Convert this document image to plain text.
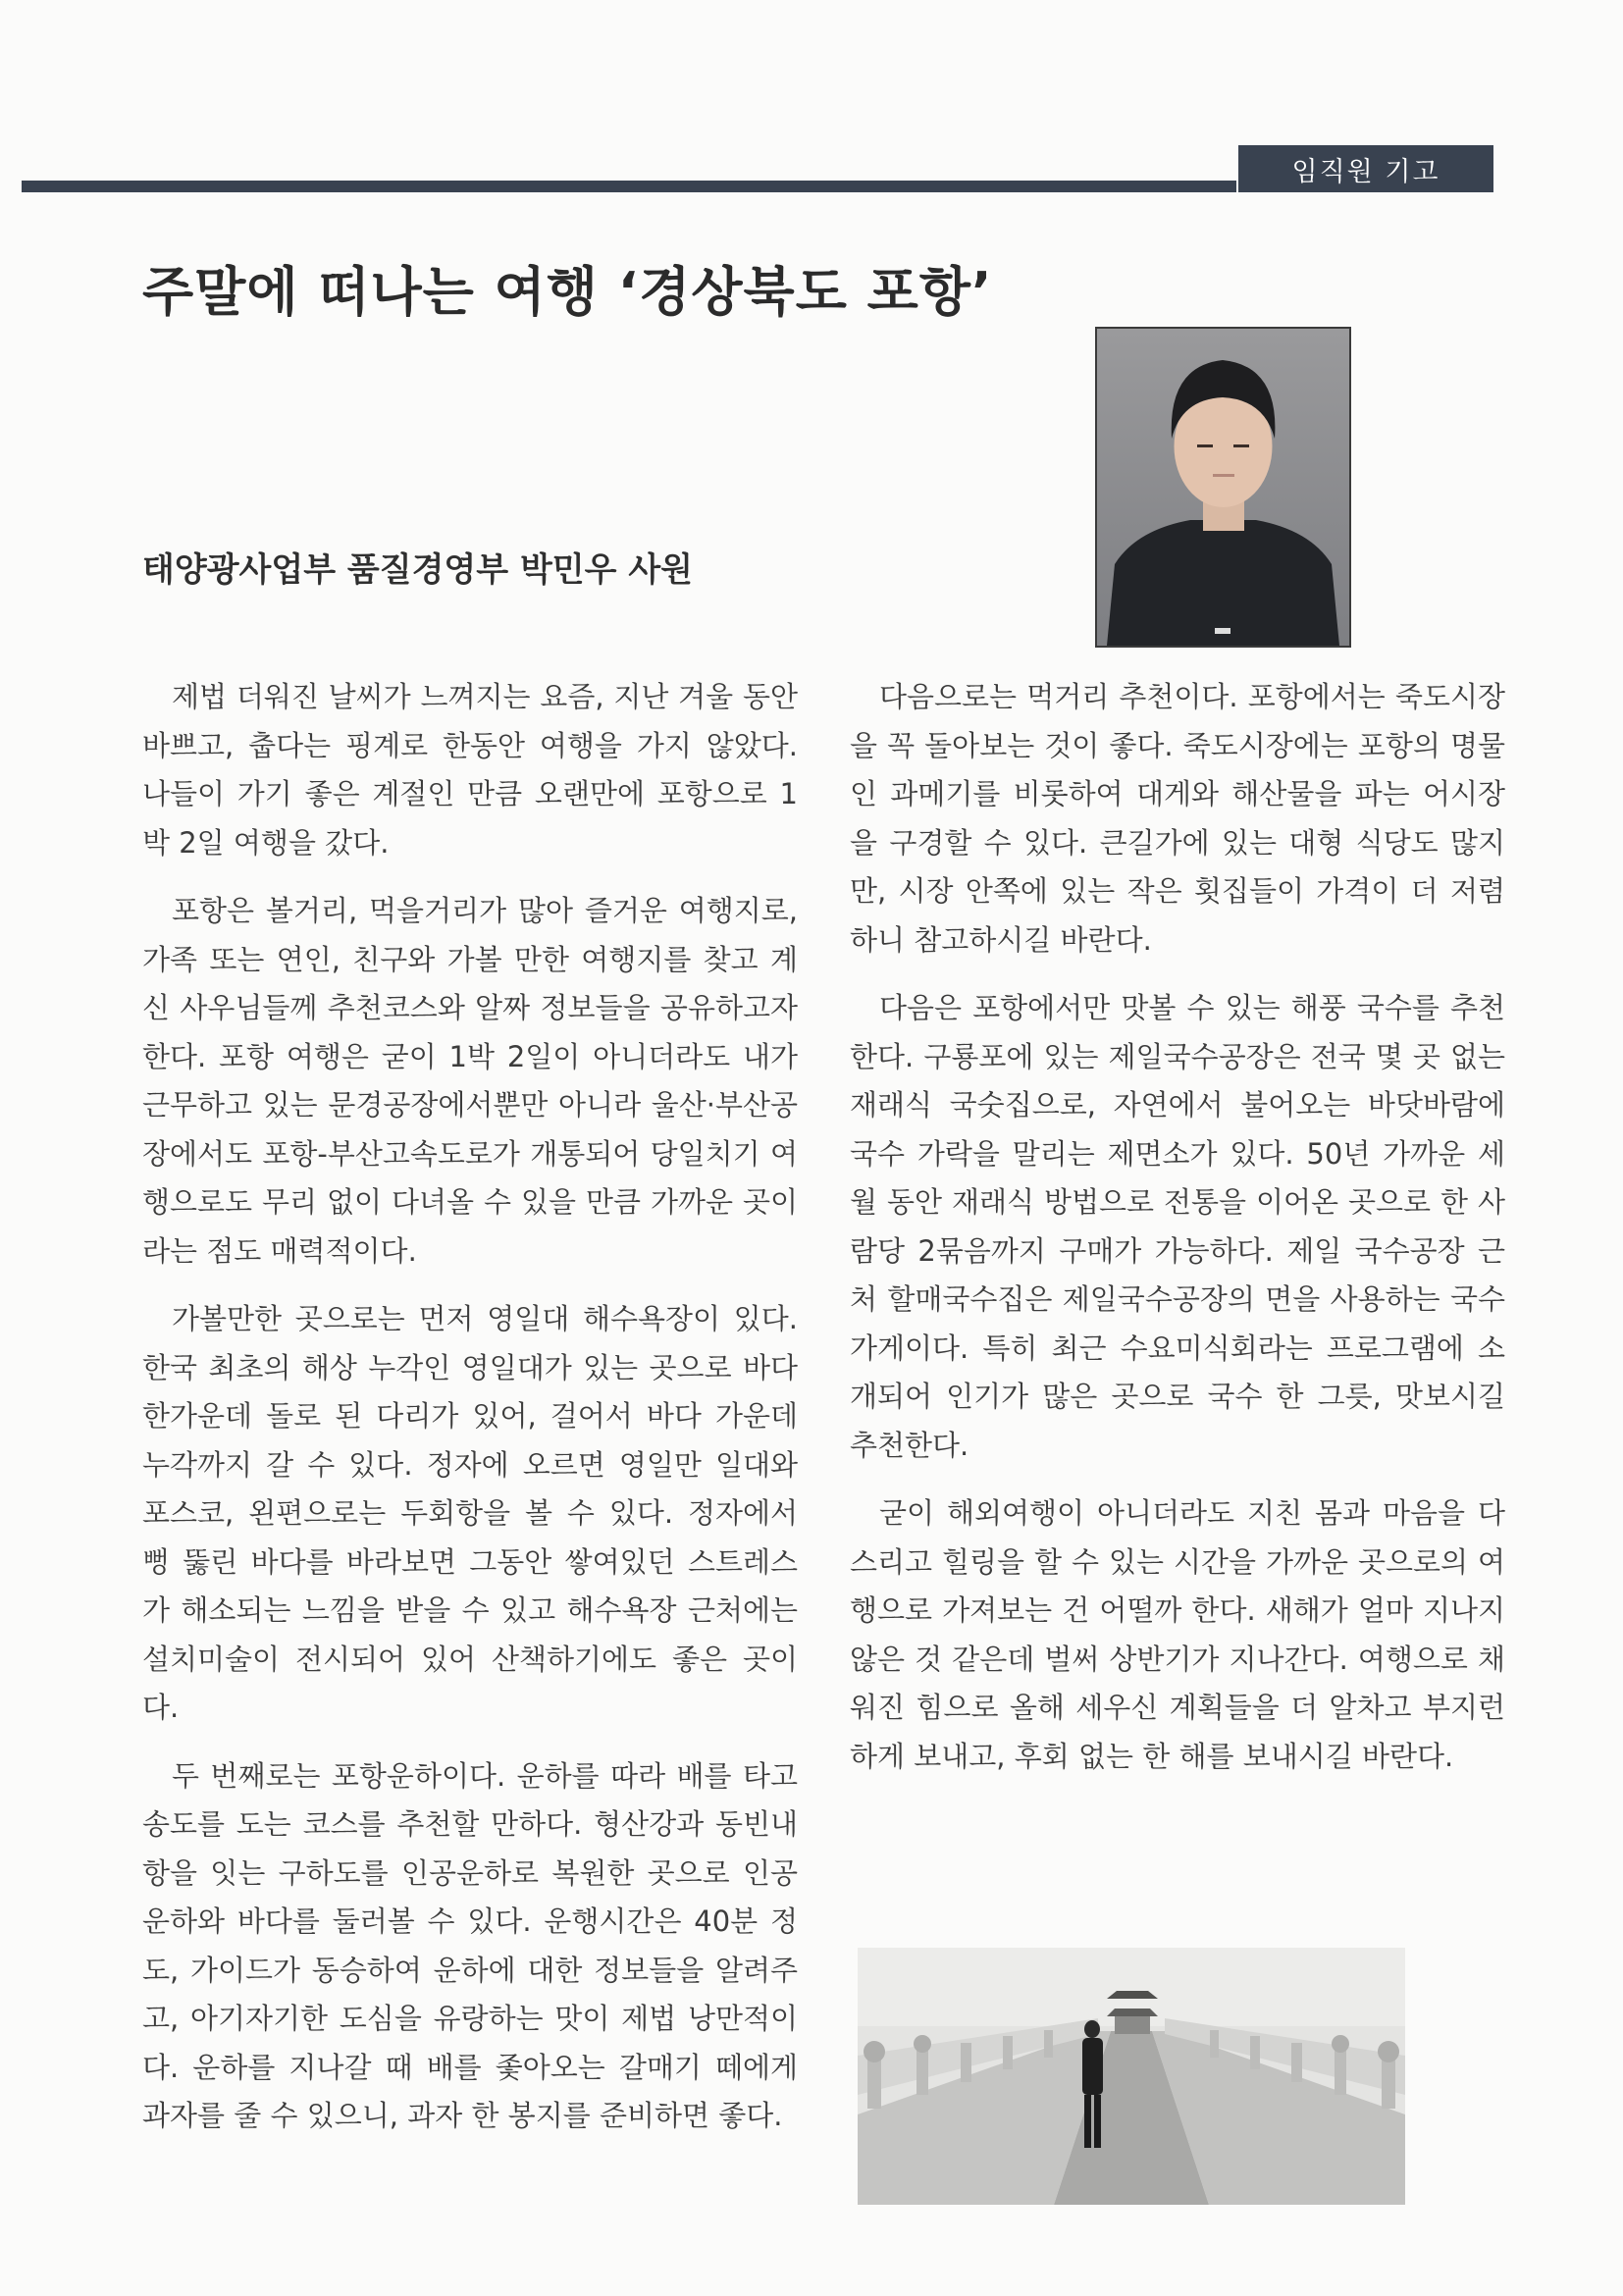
임직원 기고
주말에 떠나는 여행 ‘경상북도 포항’
태양광사업부 품질경영부 박민우 사원

제법 더워진 날씨가 느껴지는 요즘, 지난 겨울 동안 바쁘고, 춥다는 핑계로 한동안 여행을 가지 않았다. 나들이 가기 좋은 계절인 만큼 오랜만에 포항으로 1박 2일 여행을 갔다.

포항은 볼거리, 먹을거리가 많아 즐거운 여행지로, 가족 또는 연인, 친구와 가볼 만한 여행지를 찾고 계신 사우님들께 추천코스와 알짜 정보들을 공유하고자 한다. 포항 여행은 굳이 1박 2일이 아니더라도 내가 근무하고 있는 문경공장에서뿐만 아니라 울산·부산공장에서도 포항-부산고속도로가 개통되어 당일치기 여행으로도 무리 없이 다녀올 수 있을 만큼 가까운 곳이라는 점도 매력적이다.

가볼만한 곳으로는 먼저 영일대 해수욕장이 있다. 한국 최초의 해상 누각인 영일대가 있는 곳으로 바다 한가운데 돌로 된 다리가 있어, 걸어서 바다 가운데 누각까지 갈 수 있다. 정자에 오르면 영일만 일대와 포스코, 왼편으로는 두회항을 볼 수 있다. 정자에서 뻥 뚫린 바다를 바라보면 그동안 쌓여있던 스트레스가 해소되는 느낌을 받을 수 있고 해수욕장 근처에는 설치미술이 전시되어 있어 산책하기에도 좋은 곳이다.

두 번째로는 포항운하이다. 운하를 따라 배를 타고 송도를 도는 코스를 추천할 만하다. 형산강과 동빈내항을 잇는 구하도를 인공운하로 복원한 곳으로 인공운하와 바다를 둘러볼 수 있다. 운행시간은 40분 정도, 가이드가 동승하여 운하에 대한 정보들을 알려주고, 아기자기한 도심을 유랑하는 맛이 제법 낭만적이다. 운하를 지나갈 때 배를 좇아오는 갈매기 떼에게 과자를 줄 수 있으니, 과자 한 봉지를 준비하면 좋다.

다음으로는 먹거리 추천이다. 포항에서는 죽도시장을 꼭 돌아보는 것이 좋다. 죽도시장에는 포항의 명물인 과메기를 비롯하여 대게와 해산물을 파는 어시장을 구경할 수 있다. 큰길가에 있는 대형 식당도 많지만, 시장 안쪽에 있는 작은 횟집들이 가격이 더 저렴하니 참고하시길 바란다.

다음은 포항에서만 맛볼 수 있는 해풍 국수를 추천한다. 구룡포에 있는 제일국수공장은 전국 몇 곳 없는 재래식 국숫집으로, 자연에서 불어오는 바닷바람에 국수 가락을 말리는 제면소가 있다. 50년 가까운 세월 동안 재래식 방법으로 전통을 이어온 곳으로 한 사람당 2묶음까지 구매가 가능하다. 제일 국수공장 근처 할매국수집은 제일국수공장의 면을 사용하는 국수 가게이다. 특히 최근 수요미식회라는 프로그램에 소개되어 인기가 많은 곳으로 국수 한 그릇, 맛보시길 추천한다.

굳이 해외여행이 아니더라도 지친 몸과 마음을 다스리고 힐링을 할 수 있는 시간을 가까운 곳으로의 여행으로 가져보는 건 어떨까 한다. 새해가 얼마 지나지 않은 것 같은데 벌써 상반기가 지나간다. 여행으로 채워진 힘으로 올해 세우신 계획들을 더 알차고 부지런하게 보내고, 후회 없는 한 해를 보내시길 바란다.
